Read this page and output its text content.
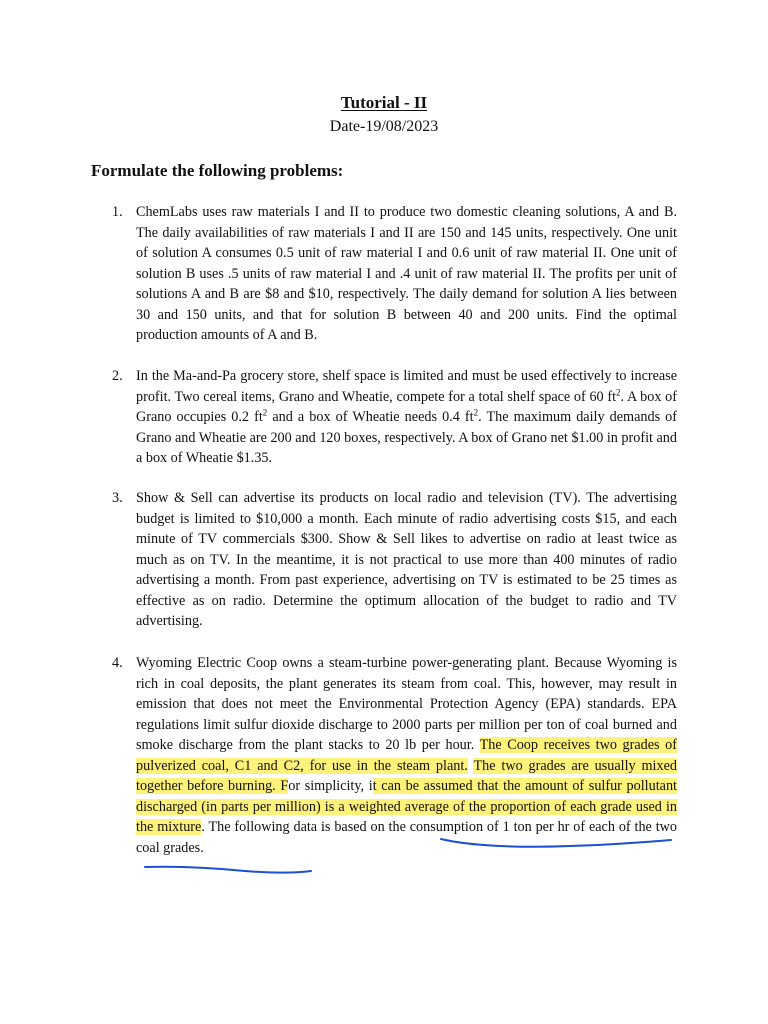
Tutorial - II
Date-19/08/2023
Formulate the following problems:
1. ChemLabs uses raw materials I and II to produce two domestic cleaning solutions, A and B. The daily availabilities of raw materials I and II are 150 and 145 units, respectively. One unit of solution A consumes 0.5 unit of raw material I and 0.6 unit of raw material II. One unit of solution B uses .5 units of raw material I and .4 unit of raw material II. The profits per unit of solutions A and B are $8 and $10, respectively. The daily demand for solution A lies between 30 and 150 units, and that for solution B between 40 and 200 units. Find the optimal production amounts of A and B.
2. In the Ma-and-Pa grocery store, shelf space is limited and must be used effectively to increase profit. Two cereal items, Grano and Wheatie, compete for a total shelf space of 60 $ft^2$. A box of Grano occupies 0.2 $ft^2$ and a box of Wheatie needs 0.4 $ft^2$. The maximum daily demands of Grano and Wheatie are 200 and 120 boxes, respectively. A box of Grano net $1.00 in profit and a box of Wheatie $1.35.
3. Show & Sell can advertise its products on local radio and television (TV). The advertising budget is limited to $10,000 a month. Each minute of radio advertising costs $15, and each minute of TV commercials $300. Show & Sell likes to advertise on radio at least twice as much as on TV. In the meantime, it is not practical to use more than 400 minutes of radio advertising a month. From past experience, advertising on TV is estimated to be 25 times as effective as on radio. Determine the optimum allocation of the budget to radio and TV advertising.
4. Wyoming Electric Coop owns a steam-turbine power-generating plant. Because Wyoming is rich in coal deposits, the plant generates its steam from coal. This, however, may result in emission that does not meet the Environmental Protection Agency (EPA) standards. EPA regulations limit sulfur dioxide discharge to 2000 parts per million per ton of coal burned and smoke discharge from the plant stacks to 20 lb per hour. The Coop receives two grades of pulverized coal, C1 and C2, for use in the steam plant. The two grades are usually mixed together before burning. For simplicity, it can be assumed that the amount of sulfur pollutant discharged (in parts per million) is a weighted average of the proportion of each grade used in the mixture. The following data is based on the consumption of 1 ton per hr of each of the two coal grades.
